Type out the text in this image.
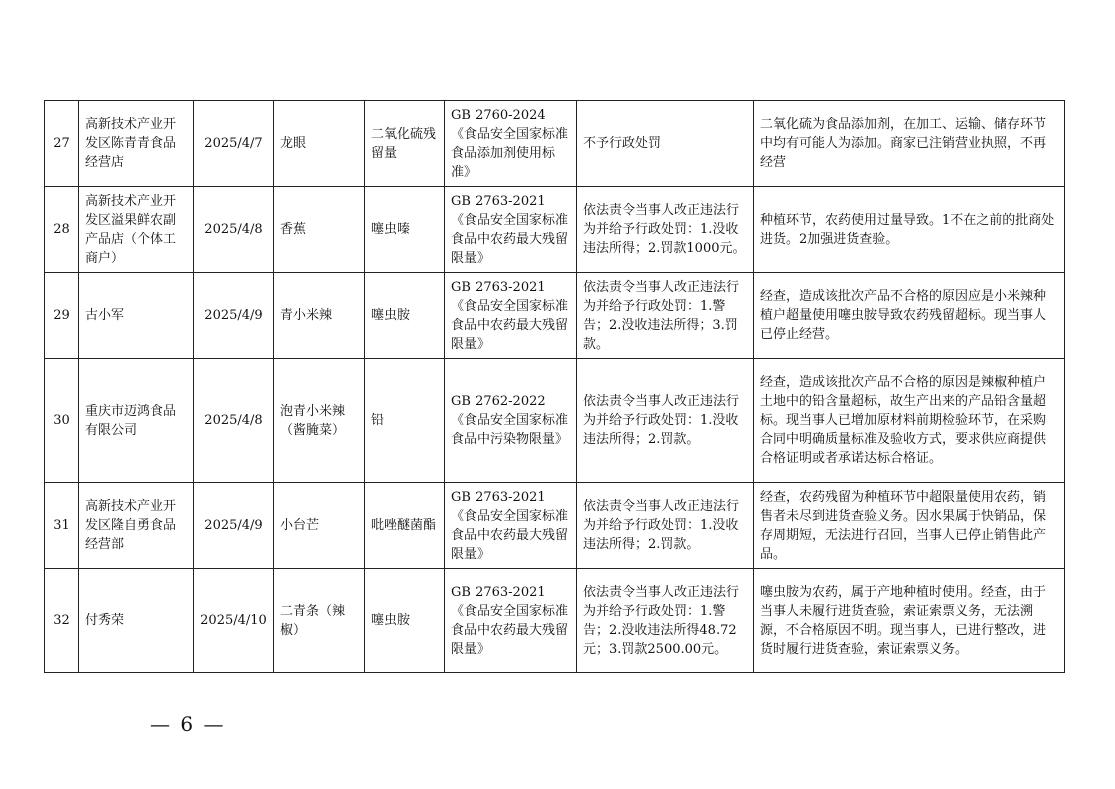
27	高新技术产业开发区陈青青食品经营店	2025/4/7	龙眼	二氧化硫残留量	GB 2760-2024《食品安全国家标准 食品添加剂使用标准》	不予行政处罚	二氧化硫为食品添加剂，在加工、运输、储存环节中均有可能人为添加。商家已注销营业执照，不再经营
28	高新技术产业开发区溢果鲜农副产品店（个体工商户）	2025/4/8	香蕉	噻虫嗪	GB 2763-2021《食品安全国家标准 食品中农药最大残留限量》	依法责令当事人改正违法行为并给予行政处罚：1.没收违法所得；2.罚款1000元。	种植环节，农药使用过量导致。1不在之前的批商处进货。2加强进货查验。
29	古小军	2025/4/9	青小米辣	噻虫胺	GB 2763-2021《食品安全国家标准 食品中农药最大残留限量》	依法责令当事人改正违法行为并给予行政处罚：1.警告；2.没收违法所得；3.罚款。	经查，造成该批次产品不合格的原因应是小米辣种植户超量使用噻虫胺导致农药残留超标。现当事人已停止经营。
30	重庆市迈鸿食品有限公司	2025/4/8	泡青小米辣（酱腌菜）	铅	GB 2762-2022《食品安全国家标准 食品中污染物限量》	依法责令当事人改正违法行为并给予行政处罚：1.没收违法所得；2.罚款。	经查，造成该批次产品不合格的原因是辣椒种植户土地中的铅含量超标，故生产出来的产品铅含量超标。现当事人已增加原材料前期检验环节，在采购合同中明确质量标准及验收方式，要求供应商提供合格证明或者承诺达标合格证。
31	高新技术产业开发区隆自勇食品经营部	2025/4/9	小台芒	吡唑醚菌酯	GB 2763-2021《食品安全国家标准 食品中农药最大残留限量》	依法责令当事人改正违法行为并给予行政处罚：1.没收违法所得；2.罚款。	经查，农药残留为种植环节中超限量使用农药，销售者未尽到进货查验义务。因水果属于快销品，保存周期短，无法进行召回，当事人已停止销售此产品。
32	付秀荣	2025/4/10	二青条（辣椒）	噻虫胺	GB 2763-2021《食品安全国家标准 食品中农药最大残留限量》	依法责令当事人改正违法行为并给予行政处罚：1.警告；2.没收违法所得48.72元；3.罚款2500.00元。	噻虫胺为农药，属于产地种植时使用。经查，由于当事人未履行进货查验，索证索票义务，无法溯源，不合格原因不明。现当事人，已进行整改，进货时履行进货查验，索证索票义务。
— 6 —
